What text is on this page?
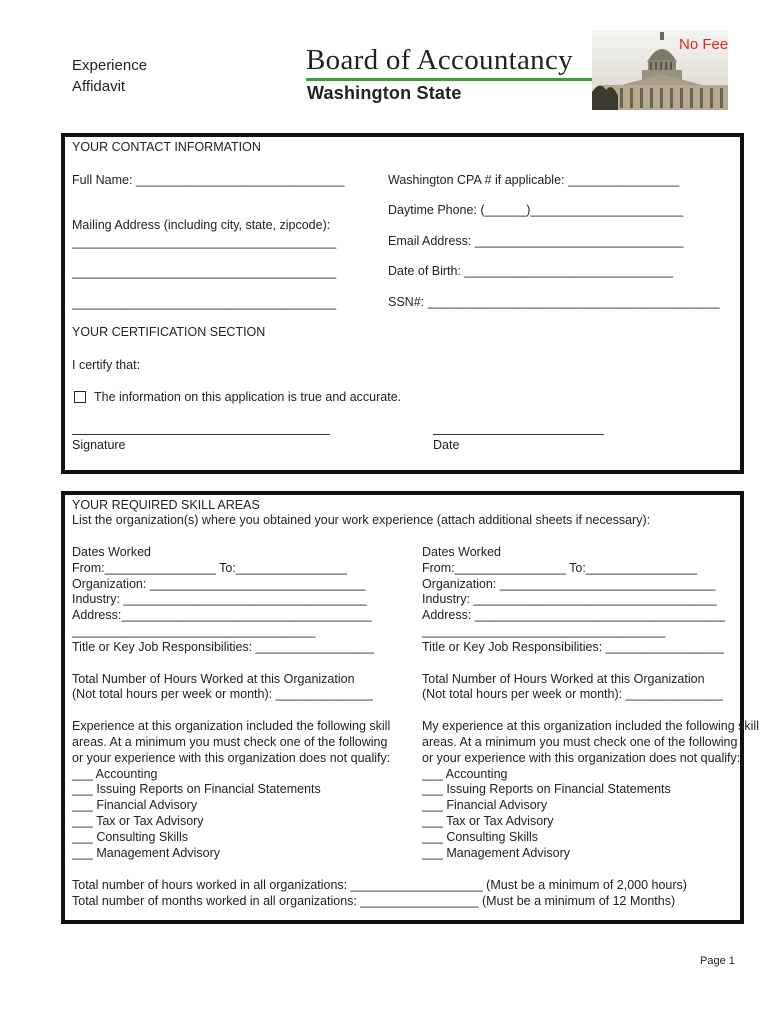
Experience
Affidavit
Board of Accountancy
Washington State
No Fee
YOUR CONTACT INFORMATION
Full Name: ______________________________
Mailing Address (including city, state, zipcode):
______________________________________
______________________________________
______________________________________
Washington CPA # if applicable: ________________
Daytime Phone: (______)______________________
Email Address: ______________________________
Date of Birth: ______________________________
SSN#: __________________________________________
YOUR CERTIFICATION SECTION
I certify that:
The information on this application is true and accurate.
Signature	Date
YOUR REQUIRED SKILL AREAS
List the organization(s) where you obtained your work experience (attach additional sheets if necessary):
Dates Worked
From:________________ To:________________
Organization: _______________________________
Industry: ___________________________________
Address:____________________________________
___________________________________
Title or Key Job Responsibilities: _________________
Total Number of Hours Worked at this Organization
(Not total hours per week or month): ______________
Experience at this organization included the following skill
areas. At a minimum you must check one of the following
or your experience with this organization does not qualify:
___ Accounting
___ Issuing Reports on Financial Statements
___ Financial Advisory
___ Tax or Tax Advisory
___ Consulting Skills
___ Management Advisory
Dates Worked
From:________________ To:________________
Organization: _______________________________
Industry: ___________________________________
Address: ____________________________________
___________________________________
Title or Key Job Responsibilities: _________________
Total Number of Hours Worked at this Organization
(Not total hours per week or month): ______________
My experience at this organization included the following skill
areas. At a minimum you must check one of the following
or your experience with this organization does not qualify:
___ Accounting
___ Issuing Reports on Financial Statements
___ Financial Advisory
___ Tax or Tax Advisory
___ Consulting Skills
___ Management Advisory
Total number of hours worked in all organizations: ___________________ (Must be a minimum of 2,000 hours)
Total number of months worked in all organizations: _________________ (Must be a minimum of 12 Months)
Page 1
